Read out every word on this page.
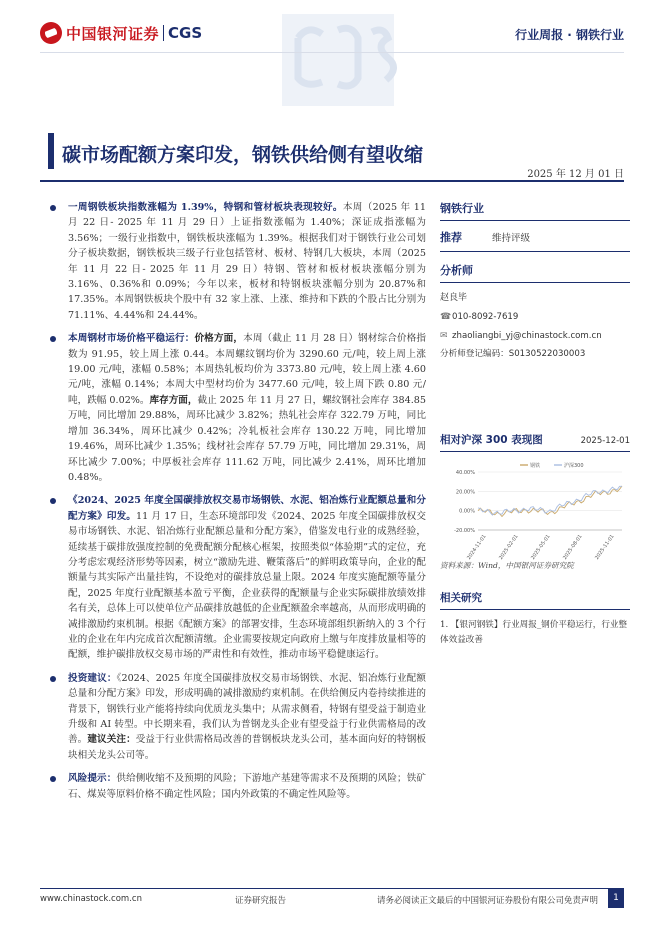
中国银河证券 CGS	行业周报 · 钢铁行业
碳市场配额方案印发，钢铁供给侧有望收缩
2025 年 12 月 01 日
一周钢铁板块指数涨幅为 1.39%，特钢和管材板块表现较好。本周（2025 年 11 月 22 日- 2025 年 11 月 29 日）上证指数涨幅为 1.40%；深证成指涨幅为 3.56%；一级行业指数中，钢铁板块涨幅为 1.39%。根据我们对于钢铁行业公司划分子板块数据，钢铁板块三级子行业包括管材、板材、特钢几大板块，本周（2025 年 11 月 22 日- 2025 年 11 月 29 日）特钢、管材和板材板块涨幅分别为 3.16%、0.36%和 0.09%；今年以来，板材和特钢板块涨幅分别为 20.87%和 17.35%。本周钢铁板块个股中有 32 家上涨、上涨、维持和下跌的个股占比分别为 71.11%、4.44%和 24.44%。
本周钢材市场价格平稳运行：价格方面，本周（截止 11 月 28 日）钢材综合价格指数为 91.95，较上周上涨 0.44。本周螺纹钢均价为 3290.60 元/吨，较上周上涨 19.00 元/吨，涨幅 0.58%；本周热轧板均价为 3373.80 元/吨，较上周上涨 4.60 元/吨，涨幅 0.14%；本周大中型材均价为 3477.60 元/吨，较上周下跌 0.80 元/吨，跌幅 0.02%。库存方面，截止 2025 年 11 月 27 日，螺纹钢社会库存 384.85 万吨，同比增加 29.88%，周环比减少 3.82%；热轧社会库存 322.79 万吨，同比增加 36.34%，周环比减少 0.42%；冷轧板社会库存 130.22 万吨，同比增加 19.46%，周环比减少 1.35%；线材社会库存 57.79 万吨，同比增加 29.31%，周环比减少 7.00%；中厚板社会库存 111.62 万吨，同比减少 2.41%，周环比增加 0.48%。
《2024、2025 年度全国碳排放权交易市场钢铁、水泥、铝冶炼行业配额总量和分配方案》印发。11 月 17 日，生态环境部印发《2024、2025 年度全国碳排放权交易市场钢铁、水泥、铝冶炼行业配额总量和分配方案》，借鉴发电行业的成熟经验，延续基于碳排放强度控制的免费配额分配核心框架，按照类似“体验期”式的定位，充分考虑宏观经济形势等因素，树立“激励先进、鞭策落后”的鲜明政策导向，企业的配额量与其实际产出量挂钩，不设绝对的碳排放总量上限。2024 年度实施配额等量分配，2025 年度行业配额基本盈亏平衡，企业获得的配额量与企业实际碳排放绩效排名有关，总体上可以使单位产品碳排放越低的企业配额盈余率越高，从而形成明确的减排激励约束机制。根据《配额方案》的部署安排，生态环境部组织新纳入的 3 个行业的企业在年内完成首次配额清缴。企业需要按规定向政府上缴与年度排放量相等的配额，维护碳排放权交易市场的严肃性和有效性，推动市场平稳健康运行。
投资建议：《2024、2025 年度全国碳排放权交易市场钢铁、水泥、铝冶炼行业配额总量和分配方案》印发，形成明确的减排激励约束机制。在供给侧反内卷持续推进的背景下，钢铁行业产能将持续向优质龙头集中；从需求侧看，特钢有望受益于制造业升级和 AI 转型。中长期来看，我们认为普钢龙头企业有望受益于行业供需格局的改善。建议关注：受益于行业供需格局改善的普钢板块龙头公司，基本面向好的特钢板块相关龙头公司等。
风险提示：供给侧收缩不及预期的风险；下游地产基建等需求不及预期的风险；铁矿石、煤炭等原料价格不确定性风险；国内外政策的不确定性风险等。
钢铁行业
推荐	维持评级
分析师
赵良毕
☎ 010-8092-7619
✉ zhaoliangbi_yj@chinastock.com.cn
分析师登记编码：S0130522030003
相对沪深 300 表现图	2025-12-01
40.00%
20.00%
0.00%
-20.00%
2024-11-01 2025-02-01 2025-05-01 2025-08-01 2025-11-01
钢铁	沪深300
资料来源：Wind，中国银河证券研究院
相关研究
1. 【银河钢铁】行业周报_钢价平稳运行，行业整体效益改善
www.chinastock.com.cn	证券研究报告	请务必阅读正文最后的中国银河证券股份有限公司免责声明	1
